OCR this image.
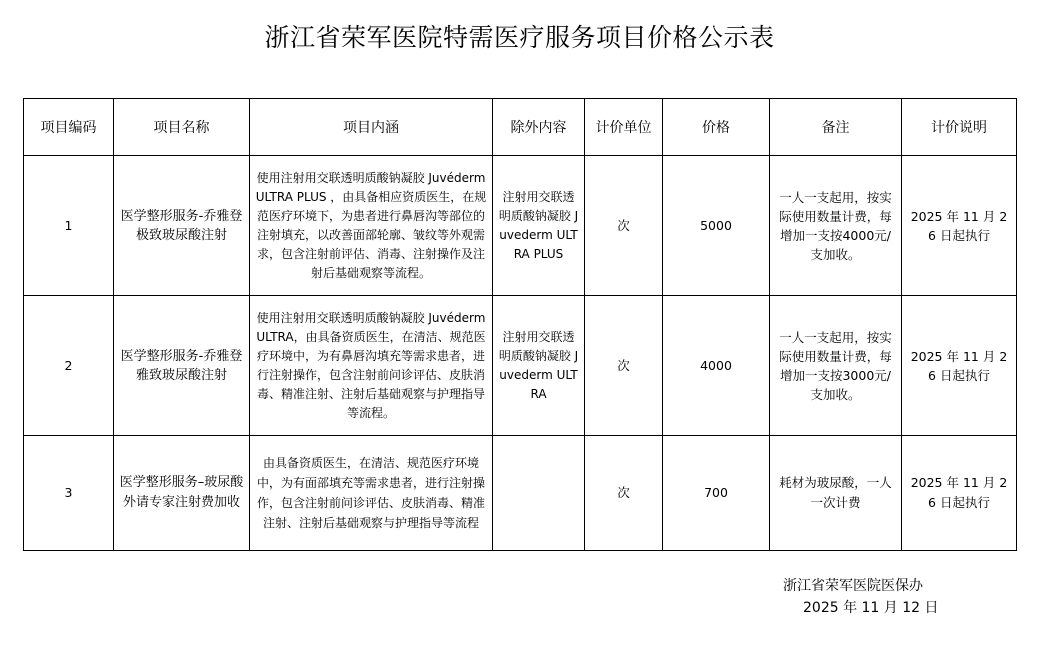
浙江省荣军医院特需医疗服务项目价格公示表
项目编码	项目名称	项目内涵	除外内容	计价单位	价格	备注	计价说明
1	医学整形服务-乔雅登极致玻尿酸注射	使用注射用交联透明质酸钠凝胶 Juvéderm ULTRA PLUS ，由具备相应资质医生，在规范医疗环境下，为患者进行鼻唇沟等部位的注射填充，以改善面部轮廓、皱纹等外观需求，包含注射前评估、消毒、注射操作及注射后基础观察等流程。	注射用交联透明质酸钠凝胶 Juvederm ULTRA PLUS	次	5000	一人一支起用，按实际使用数量计费，每增加一支按4000元/支加收。	2025 年 11 月 26 日起执行
2	医学整形服务-乔雅登雅致玻尿酸注射	使用注射用交联透明质酸钠凝胶 Juvéderm ULTRA，由具备资质医生，在清洁、规范医疗环境中，为有鼻唇沟填充等需求患者，进行注射操作，包含注射前问诊评估、皮肤消毒、精准注射、注射后基础观察与护理指导等流程。	注射用交联透明质酸钠凝胶 Juvederm ULTRA	次	4000	一人一支起用，按实际使用数量计费，每增加一支按3000元/支加收。	2025 年 11 月 26 日起执行
3	医学整形服务–玻尿酸外请专家注射费加收	由具备资质医生，在清洁、规范医疗环境中，为有面部填充等需求患者，进行注射操作，包含注射前问诊评估、皮肤消毒、精准注射、注射后基础观察与护理指导等流程		次	700	耗材为玻尿酸，一人一次计费	2025 年 11 月 26 日起执行
浙江省荣军医院医保办
2025 年 11 月 12 日
